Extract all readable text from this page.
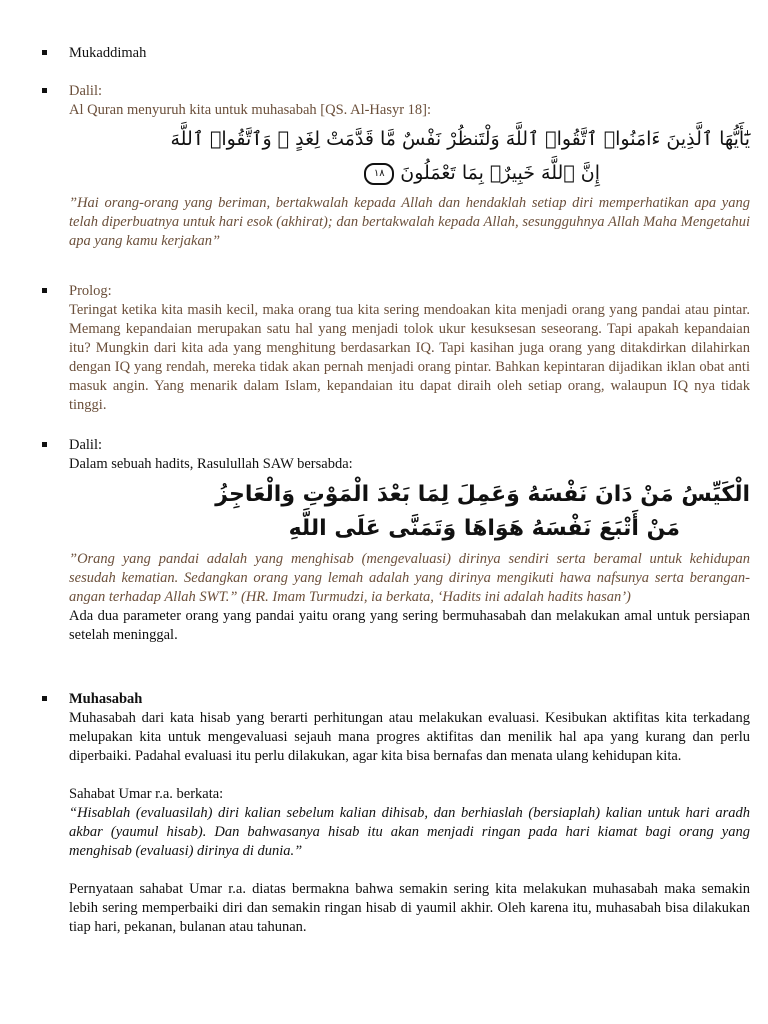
Mukaddimah

Dalil:

Al Quran menyuruh kita untuk muhasabah [QS. Al-Hasyr 18]:

يَٰٓأَيُّهَا ٱلَّذِينَ ءَامَنُوا۟ ٱتَّقُوا۟ ٱللَّهَ وَلْتَنظُرْ نَفْسٌ مَّا قَدَّمَتْ لِغَدٍ ۖ وَٱتَّقُوا۟ ٱللَّهَ

إِنَّ ٱللَّهَ خَبِيرٌۢ بِمَا تَعْمَلُونَ ١٨

”Hai orang-orang yang beriman, bertakwalah kepada Allah dan hendaklah setiap diri memperhatikan apa yang telah diperbuatnya untuk hari esok (akhirat); dan bertakwalah kepada Allah, sesungguhnya Allah Maha Mengetahui apa yang kamu kerjakan”

Prolog:

Teringat ketika kita masih kecil, maka orang tua kita sering mendoakan kita menjadi orang yang pandai atau pintar. Memang kepandaian merupakan satu hal yang menjadi tolok ukur kesuksesan seseorang. Tapi apakah kepandaian itu? Mungkin dari kita ada yang menghitung berdasarkan IQ. Tapi kasihan juga orang yang ditakdirkan dilahirkan dengan IQ yang rendah, mereka tidak akan pernah menjadi orang pintar. Bahkan kepintaran dijadikan iklan obat anti masuk angin. Yang menarik dalam Islam, kepandaian itu dapat diraih oleh setiap orang, walaupun IQ nya tidak tinggi.

Dalil:

Dalam sebuah hadits, Rasulullah SAW bersabda:

الْكَيِّسُ مَنْ دَانَ نَفْسَهُ وَعَمِلَ لِمَا بَعْدَ الْمَوْتِ وَالْعَاجِزُ

مَنْ أَتْبَعَ نَفْسَهُ هَوَاهَا وَتَمَنَّى عَلَى اللَّهِ

”Orang yang pandai adalah yang menghisab (mengevaluasi) dirinya sendiri serta beramal untuk kehidupan sesudah kematian. Sedangkan orang yang lemah adalah yang dirinya mengikuti hawa nafsunya serta berangan-angan terhadap Allah SWT.” (HR. Imam Turmudzi, ia berkata, ‘Hadits ini adalah hadits hasan’)

Ada dua parameter orang yang pandai yaitu orang yang sering bermuhasabah dan melakukan amal untuk persiapan setelah meninggal.

Muhasabah

Muhasabah dari kata hisab yang berarti perhitungan atau melakukan evaluasi. Kesibukan aktifitas kita terkadang melupakan kita untuk mengevaluasi sejauh mana progres aktifitas dan menilik hal apa yang kurang dan perlu diperbaiki. Padahal evaluasi itu perlu dilakukan, agar kita bisa bernafas dan menata ulang kehidupan kita.

Sahabat Umar r.a. berkata:

“Hisablah (evaluasilah) diri kalian sebelum kalian dihisab, dan berhiaslah (bersiaplah) kalian untuk hari aradh akbar (yaumul hisab). Dan bahwasanya hisab itu akan menjadi ringan pada hari kiamat bagi orang yang menghisab (evaluasi) dirinya di dunia.”

Pernyataan sahabat Umar r.a. diatas bermakna bahwa semakin sering kita melakukan muhasabah maka semakin lebih sering memperbaiki diri dan semakin ringan hisab di yaumil akhir. Oleh karena itu, muhasabah bisa dilakukan tiap hari, pekanan, bulanan atau tahunan.
